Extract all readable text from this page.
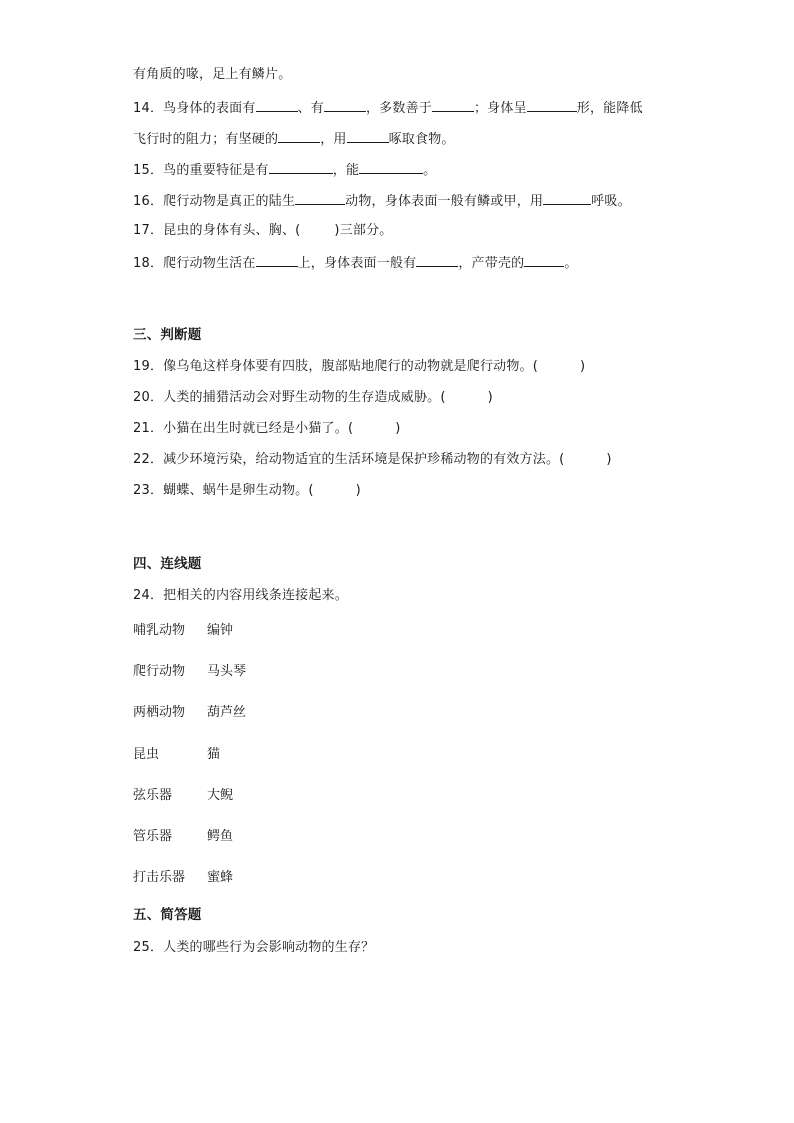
有角质的喙，足上有鳞片。
14．鸟身体的表面有	、有	，多数善于	；身体呈	形，能降低
飞行时的阻力；有坚硬的	，用	啄取食物。
15．鸟的重要特征是有	，能	。
16．爬行动物是真正的陆生	动物，身体表面一般有鳞或甲，用	呼吸。
17．昆虫的身体有头、胸、(	)三部分。
18．爬行动物生活在	上，身体表面一般有	，产带壳的	。
三、判断题
19．像乌龟这样身体要有四肢，腹部贴地爬行的动物就是爬行动物。(	)
20．人类的捕猎活动会对野生动物的生存造成威胁。(	)
21．小猫在出生时就已经是小猫了。(	)
22．减少环境污染，给动物适宜的生活环境是保护珍稀动物的有效方法。(	)
23．蝴蝶、蜗牛是卵生动物。(	)
四、连线题
24．把相关的内容用线条连接起来。
哺乳动物 编钟
爬行动物 马头琴
两栖动物 葫芦丝
昆虫	猫
弦乐器	大鲵
管乐器	鳄鱼
打击乐器 蜜蜂
五、简答题
25．人类的哪些行为会影响动物的生存？
